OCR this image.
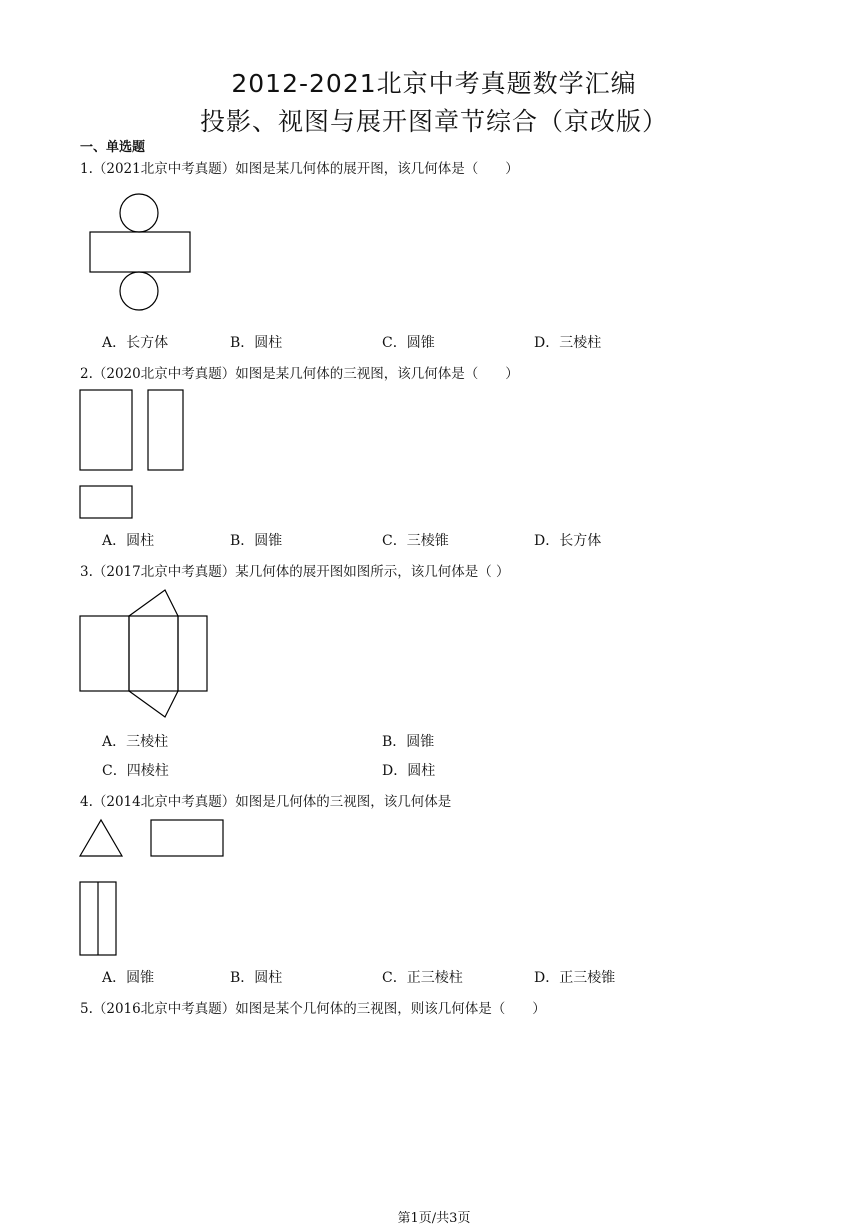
2012-2021北京中考真题数学汇编
投影、视图与展开图章节综合（京改版）
一、单选题
1.（2021北京中考真题）如图是某几何体的展开图，该几何体是（　　）
A．长方体	B．圆柱	C．圆锥	D．三棱柱
2.（2020北京中考真题）如图是某几何体的三视图，该几何体是（　　）
A．圆柱	B．圆锥	C．三棱锥	D．长方体
3.（2017北京中考真题）某几何体的展开图如图所示，该几何体是（ ）
A．三棱柱	B．圆锥
C．四棱柱	D．圆柱
4.（2014北京中考真题）如图是几何体的三视图，该几何体是
A．圆锥	B．圆柱	C．正三棱柱	D．正三棱锥
5.（2016北京中考真题）如图是某个几何体的三视图，则该几何体是（　　）
第1页/共3页
